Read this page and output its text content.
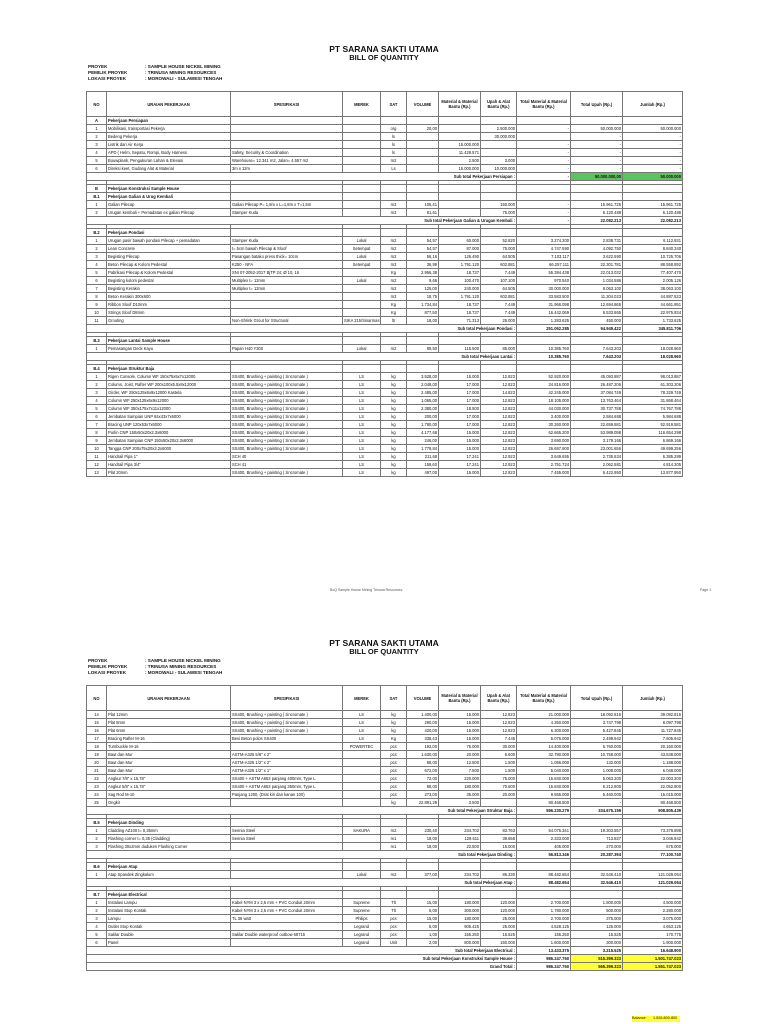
PT SARANA SAKTI UTAMA
BILL OF QUANTITY
PROYEK	: SAMPLE HOUSE NICKEL MINING
PEMILIK PROYEK	: TRINUSA MINING RESOURCES
LOKASI PROYEK	: MOROWALI - SULAWESI TENGAH
NO	URAIAN PEKERJAAN	SPESIFIKASI	MEREK	SAT	VOLUME	Material & Material Bantu (Rp.)	Upah & Alat Bantu (Rp.)	Total Material & Material Bantu (Rp.)	Total Upah (Rp.)	Jumlah (Rp.)
A	Pekerjaan Persiapan									
1	Mobilisasi, transportasi Pekerja			org	20,00		2.500.000	-	50.000.000	50.000.000
2	Bedeng Pekerja			ls			30.000.000		-	-
3	Listrik dan Air Kerja			ls		15.000.000		-	-	-
4	APD ( Helm, Sepatu, Rompi, Body Harness	Safety, Security & Coordination		ls		11.428.571		-	-	-
5	Bouwplank, Pengukuran Lahan & Elevasi	Warehouse= 12.341 m2, Jalan= 4.557 m2		m2		2.500	3.000	-	-	-
6	Direksi keet, Gudang Alat & Material	3m x 12m		Ls		15.000.000	10.000.000	-	-	-
Sub total Pekerjaan Persiapan :								-	50.000.000,00	50.000.000

B	Pekerjaan Konstruksi Sample House									
B.1	Pekerjaan Galian & Urug Kembali									
1	Galian Pilecap	Galian Pilecap P= 1,8m x L=1,8m x T=1,5m		m3	106,41		150.000	-	15.961.725	15.961.725
2	Urugan kembali + Pemadatan ex galian Pilecap	Stamper Kuda		m3	81,61		75.000	-	6.120.488	6.120.488
Sub total Pekerjaan Galian & Urugan Kembali :								-	22.082.213	22.082.213

B.2	Pekerjaan Pondasi									
1	Urugan pasir bawah pondasi Pilecap + pemadatan	Stamper Kuda	Lokal	m2	54,57	60.000	52.820	3.274.200	2.838.731	6.112.931
2	Lean Concrete	t= 5cm bawah Pilecap & Sloof	Setempat	m2	54,57	87.000	75.000	4.747.590	4.092.750	8.840.340
3	Begisting Pilecap	Pasangan batako press thick= 10cm	Lokal	m2	56,16	126.490	64.505	7.103.117	3.622.590	10.725.706
4	Beton Pilecap & Kolom Pedestal	K250 - NFA	Setempat	m3	36,99	1.791.120	602.881	66.257.111	22.301.781	88.558.892
5	Pabrikasi Pilecap & Kolom Pedestal	SNI 07-2052-2017 BjTP 24; Ø 10, 16		Kg	2.956,38	18.737	7.449	55.394.438	22.013.032	77.407.470
6	Begisting kolom pedestal	Multiplex t= 12mm	Lokal	m2	9,66	100.470	107.100	970.540	1.034.586	2.005.126
7	Begisting Kerakin	Multiplex t= 12mm		m2	125,00	240.000	64.505	30.000.000	8.063.100	38.063.100
8	Beton Kerakin 300x600			m3	18,75	1.791.120	602.881	33.583.500	11.304.023	44.887.523
9	Ribbon Sloof D10mm			Kg	1.734,84	18.737	7.449	31.966.098	12.694.865	44.661.951
10	Strings Sloof D8mm			Kg	877,50	18.737	7.449	16.442.069	6.533.865	22.975.934
11	Grouting	Non-Shrink Grout for Structural	SIKA 215/Sinarmas	ltr	18,00	71.313	25.000	1.283.625	450.000	1.733.625
Sub total Pekerjaan Pondasi :								251.062.285	94.949.422	345.811.706

B.3	Pekerjaan Lantai Sample House									
1	Pemasangan Deck Kayu	Papan H40 Y300	Lokal	m2	89,50	115.500	85.000	10.385.760	7.643.203	18.028.960
Sub total Pekerjaan Lantai :								10.385.760	7.643.203	18.028.960

B.4	Pekerjaan Struktur Baja									
1	Rigen Console, Column WF 150x75x5x7x12000	SS400, Brushing + painting ( zincromate )	LS	kg	3.528,00	15.000	12.823	52.920.000	45.093.887	98.013.887
2	Column, Joist, Rafter WF 200x100x5.5x8x12000	SS400, Brushing + painting ( zincromate )	LS	kg	2.048,00	17.000	12.823	34.816.000	26.487.206	61.303.206
3	Girder, WF 250x125x6x9x12000 Kastela	SS400, Brushing + painting ( zincromate )	LS	kg	2.485,00	17.000	14.823	42.245.000	37.084.749	78.329.749
4	Column WF 250x125x6x9x12000	SS400, Brushing + painting ( zincromate )	LS	kg	1.065,00	17.000	12.823	18.105.000	13.763.464	31.868.464
5	Column WF 350x175x7x11x12000	SS400, Brushing + painting ( zincromate )	LS	kg	2.380,00	18.500	12.823	44.030.000	30.737.788	74.767.788
6	Jembatan Sampian UNP 84x43x7x6000	SS400, Brushing + painting ( zincromate )	LS	kg	200,00	17.000	12.823	3.400.000	2.584.688	5.984.688
7	Bracing UNP 120x53x7x6000	SS400, Brushing + painting ( zincromate )	LS	kg	1.780,00	17.000	12.823	30.260.000	22.659.581	52.919.581
8	Purlin CNP 150x50x20x2.3x6000	SS400, Brushing + painting ( zincromate )	LS	kg	4.177,68	15.000	12.823	62.665.200	53.989.098	116.654.298
9	Jembatan Sampian CNP 150x50x20x2.3x6000	SS400, Brushing + painting ( zincromate )	LS	kg	246,00	15.000	12.823	3.690.000	3.179.166	6.869.166
10	Tangga CNP 200x75x20x3.2x6000	SS400, Brushing + painting ( zincromate )	LS	kg	1.779,84	15.000	12.823	26.697.600	23.001.656	49.699.256
11	Handrail Pipa 1"	SCH 40	LS	kg	211,68	17.241	12.923	3.649.655	2.735.634	6.385.289
12	Handrail Pipa 3/4"	SCH 41	LS	kg	159,60	17.241	12.923	2.751.724	2.062.581	4.814.305
13	Plat 20mm	SS400, Brushing + painting ( zincromate )	LS	kg	497,00	15.000	12.823	7.455.000	6.422.950	13.877.950
BoQ Sample House Mining Trinusa Resources	Page 1
PT SARANA SAKTI UTAMA
BILL OF QUANTITY
PROYEK	: SAMPLE HOUSE NICKEL MINING
PEMILIK PROYEK	: TRINUSA MINING RESOURCES
LOKASI PROYEK	: MOROWALI - SULAWESI TENGAH
NO	URAIAN PEKERJAAN	SPESIFIKASI	MEREK	SAT	VOLUME	Material & Material Bantu (Rp.)	Upah & Alat Bantu (Rp.)	Total Material & Material Bantu (Rp.)	Total Upah (Rp.)	Jumlah (Rp.)
14	Plat 12mm	SS400, Brushing + painting ( zincromate )	LS	kg	1.400,00	15.000	12.823	21.000.000	18.092.816	39.092.816
15	Plat 8mm	SS400, Brushing + painting ( zincromate )	LS	kg	290,00	15.000	12.823	4.350.000	3.747.798	8.097.798
16	Plat 6mm	SS400, Brushing + painting ( zincromate )	LS	kg	420,00	15.000	12.823	6.300.000	5.427.845	11.727.845
17	Bracing Rafter M-16	Besi Beton polos SS400	LS	Kg	338,43	15.000	7.446	5.076.000	2.499.942	7.605.942
18	Turnbuckle M-16		POWERTEC	pcs	192,00	75.000	30.000	14.400.000	5.760.000	20.160.000
19	Baut dan Mur	ASTM-A325 5/8" x 2"		pcs	1.630,00	20.000	6.600	32.780.000	10.758.000	43.538.000
20	Baut dan Mur	ASTM-A325 1/2" x 2"		pcs	88,00	12.500	1.500	1.056.000	132.000	1.188.000
21	Baut dan Mur	ASTM-A325 1/2" x 1"		pcs	672,00	7.500	1.500	5.040.000	1.008.000	6.048.000
22	Angkur 7/8" x 15,78"	SS400 + ASTM A653 panjang 400mm, Type L		pcs	72,00	220.000	75.000	15.840.000	5.063.200	22.003.200
23	Angkur 5/8" x 15,78"	SS400 + ASTM A653 panjang 350mm, Type L		pcs	88,00	180.000	70.600	15.840.000	6.212.800	22.052.800
24	Sag Rod M-10	Panjang 1200, (Drat kiri dan kanan 100)		pcs	273,00	35.000	20.000	9.555.000	5.460.000	15.015.000
25	Ongkir			kg	22.891,29	3.500		80.468.500	-	80.468.500
Sub total Pekerjaan Struktur Baja :								596.230.279	334.675.159	908.805.439

B.5	Pekerjaan Dinding									
1	Cladding AZ100 t= 0,35mm	Sennia Steel	SAKURA	m2	230,40	234.702	83.763	54.075.341	19.303.557	73.378.898
2	Flashing corner t= 0,35 (Cladding)	Sennia Steel		m1	18,00	129.611	39.658	2.333.000	713.837	3.046.842
3	Flashing 30x2mm duduken Flashing Corner			m1	18,00	22.500	15.000	405.000	270.000	675.000
Sub total Pekerjaan Dinding :								56.813.346	20.287.394	77.100.740

B.6	Pekerjaan Atap									
1	Atap Spandek Zingkalum		Lokal	m2	377,00	234.702	86.330	88.482.654	32.546.410	121.029.064
Sub total Pekerjaan Atap :								88.482.654	32.546.410	121.029.064

B.7	Pekerjaan Electrical									
1	Instalasi Lampu	Kabel NYM 3 x 2,5 mm + PVC Conduit 20mm	Supreme	Tlt	15,00	180.000	120.000	2.700.000	1.800.000	4.500.000
2	Instalasi Stop Kontak	Kabel NYM 3 x 2,5 mm + PVC Conduit 20mm	Supreme	Tlt	6,00	300.000	120.000	1.780.000	500.000	2.280.000
3	Lampu	TL 36 watt	Philips	pcs	15,00	180.000	25.000	2.700.000	375.000	3.075.000
4	Outlet Stop Kontak		Legrand	pcs	5,00	905.425	25.000	4.528.125	125.000	4.653.125
5	Saklar Double	Saklar Double waterproof outbow 68715	Legrand	pcs	1,00	155.250	15.525	155.250	15.525	170.775
6	Panel		Legrand	Unit	2,00	800.000	150.000	1.600.000	300.000	1.900.000
Sub total Pekerjaan Electrical :								13.433.375	3.215.525	16.648.900
Sub total Pekerjaan Konstruksi Sample House :								986.247.760	515.399.323	1.501.747.023
Grand Total :								986.247.760	565.399.323	1.551.747.023
Balance 1.526.800.800
